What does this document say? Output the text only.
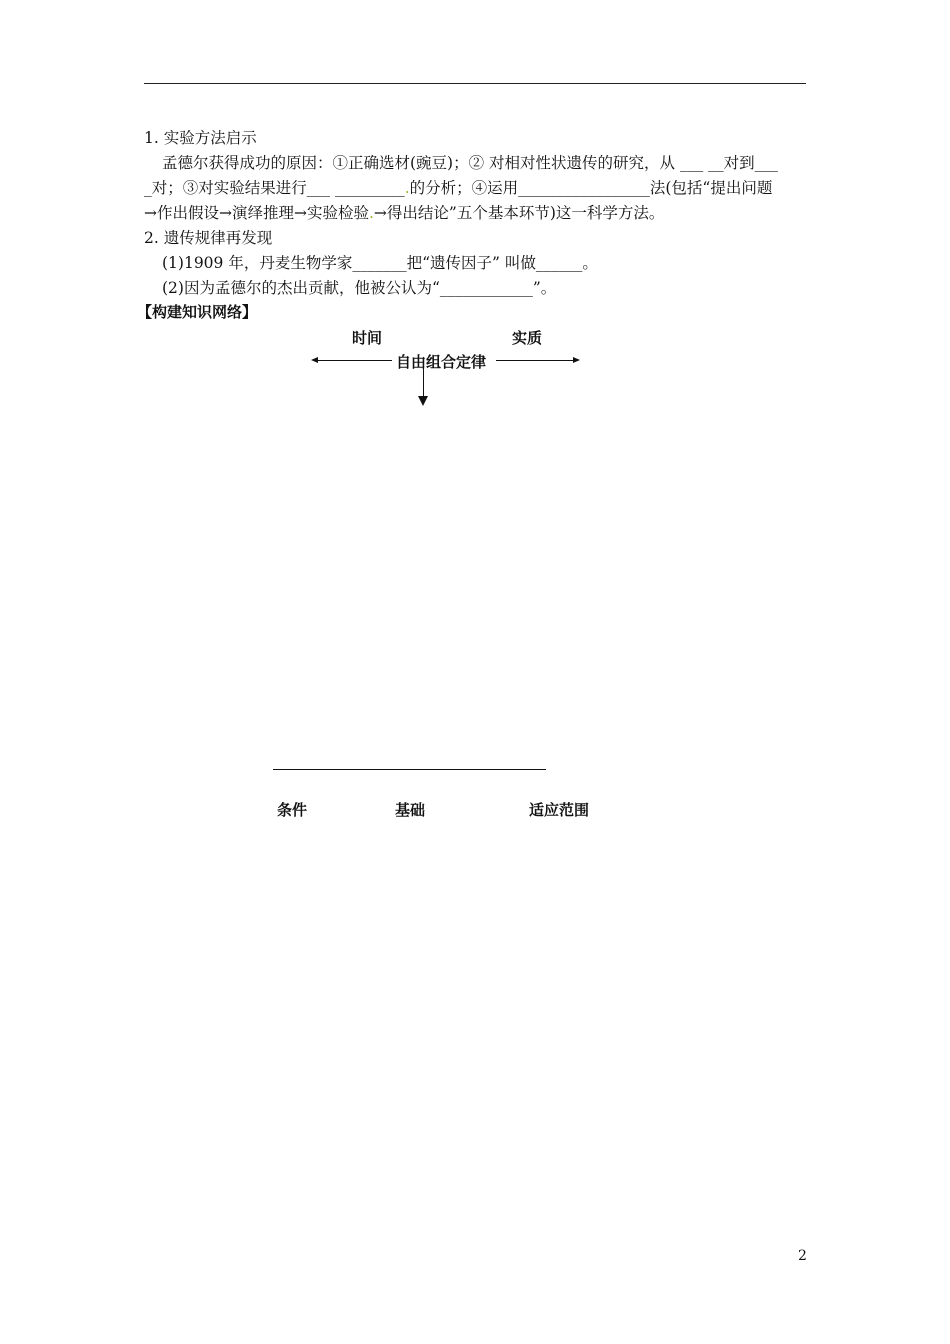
1. 实验方法启示
孟德尔获得成功的原因：①正确选材(豌豆)；② 对相对性状遗传的研究，从 ___ __对到___
_对；③对实验结果进行___ _________.的分析；④运用_________________法(包括“提出问题
→作出假设→演绎推理→实验检验.→得出结论”五个基本环节)这一科学方法。
2. 遗传规律再发现
(1)1909 年，丹麦生物学家_______把“遗传因子” 叫做______。
(2)因为孟德尔的杰出贡献，他被公认为“____________”。
【构建知识网络】
时间	实质
自由组合定律
条件	基础	适应范围
2
